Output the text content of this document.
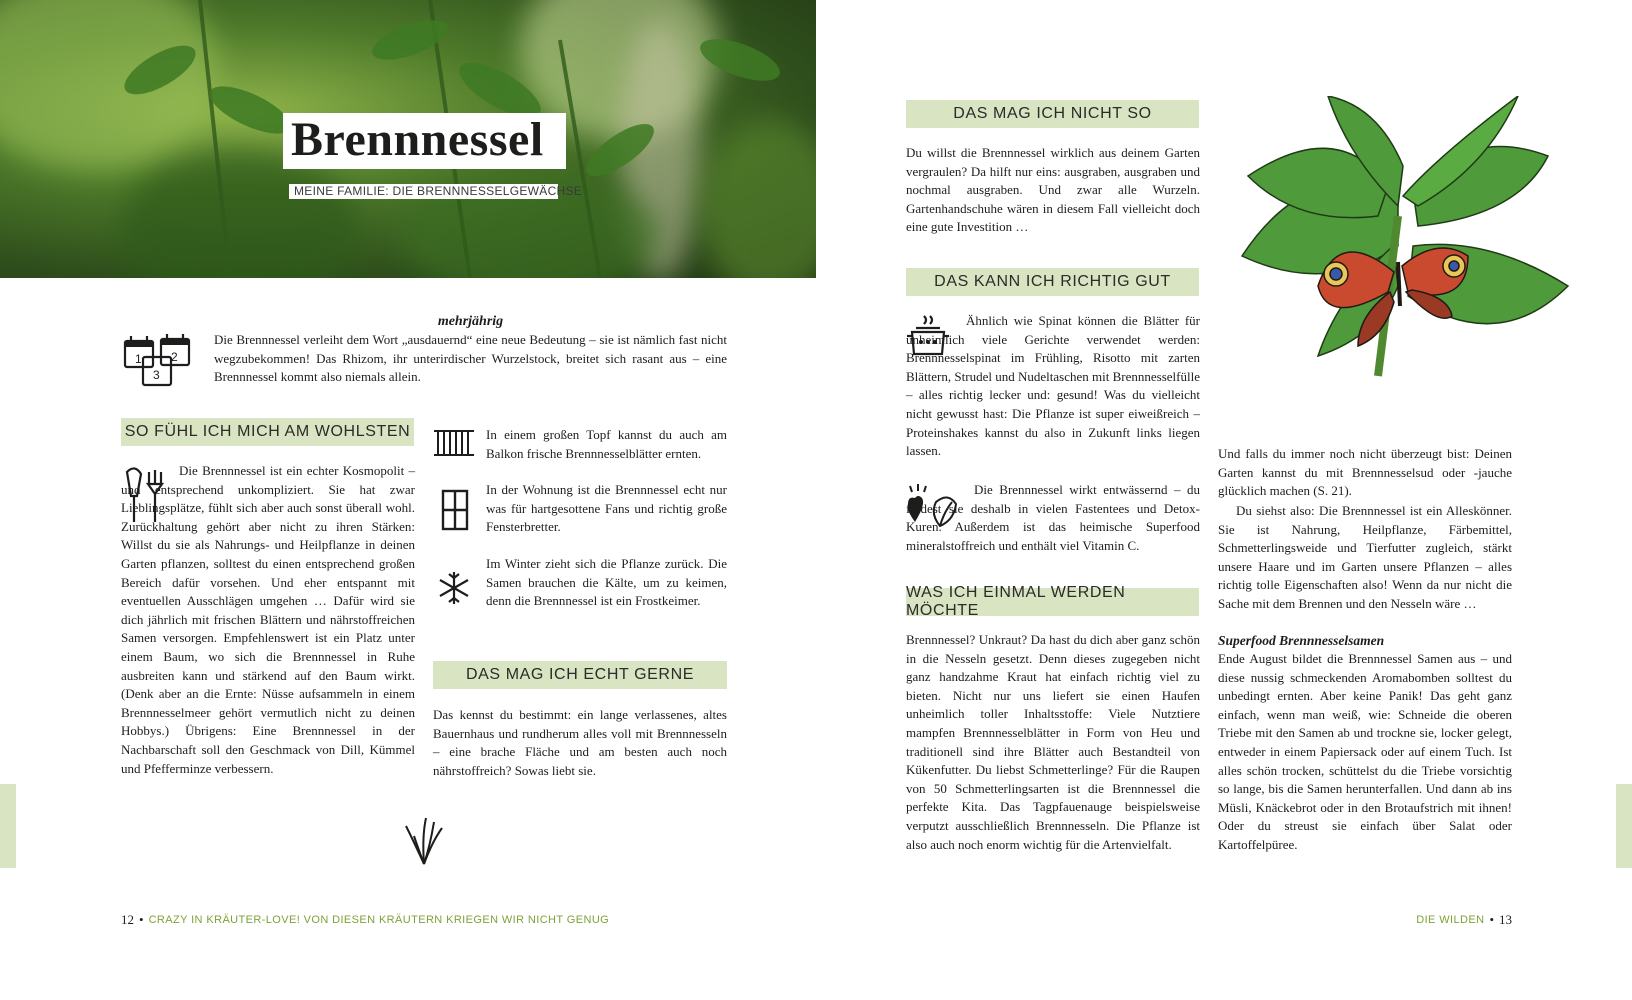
Brennnessel
MEINE FAMILIE: DIE BRENNNESSELGEWÄCHSE
1 2
3
mehrjährig

Die Brennnessel verleiht dem Wort „ausdauernd“ eine neue Bedeutung – sie ist nämlich fast nicht wegzubekommen! Das Rhizom, ihr unterirdischer Wurzelstock, breitet sich rasant aus – eine Brennnessel kommt also niemals allein.

SO FÜHL ICH MICH AM WOHLSTEN

Die Brennnessel ist ein echter Kosmopolit – und entsprechend unkompliziert. Sie hat zwar Lieblingsplätze, fühlt sich aber auch sonst überall wohl. Zurückhaltung gehört aber nicht zu ihren Stärken: Willst du sie als Nahrungs- und Heilpflanze in deinen Garten pflanzen, solltest du einen entsprechend großen Bereich dafür vorsehen. Und eher entspannt mit eventuellen Ausschlägen umgehen … Dafür wird sie dich jährlich mit frischen Blättern und nährstoffreichen Samen versorgen. Empfehlenswert ist ein Platz unter einem Baum, wo sich die Brennnessel in Ruhe ausbreiten kann und stärkend auf den Baum wirkt. (Denk aber an die Ernte: Nüsse aufsammeln in einem Brennnesselmeer gehört vermutlich nicht zu deinen Hobbys.) Übrigens: Eine Brennnessel in der Nachbarschaft soll den Geschmack von Dill, Kümmel und Pfefferminze verbessern.

In einem großen Topf kannst du auch am Balkon frische Brennnesselblätter ernten.

In der Wohnung ist die Brennnessel echt nur was für hartgesottene Fans und richtig große Fensterbretter.

Im Winter zieht sich die Pflanze zurück. Die Samen brauchen die Kälte, um zu keimen, denn die Brennnessel ist ein Frostkeimer.

DAS MAG ICH ECHT GERNE

Das kennst du bestimmt: ein lange verlassenes, altes Bauernhaus und rundherum alles voll mit Brennnesseln – eine brache Fläche und am besten auch noch nährstoffreich? Sowas liebt sie.

12 • CRAZY IN KRÄUTER-LOVE! VON DIESEN KRÄUTERN KRIEGEN WIR NICHT GENUG
DAS MAG ICH NICHT SO

Du willst die Brennnessel wirklich aus deinem Garten vergraulen? Da hilft nur eins: ausgraben, ausgraben und nochmal ausgraben. Und zwar alle Wurzeln. Gartenhandschuhe wären in diesem Fall vielleicht doch eine gute Investition …

DAS KANN ICH RICHTIG GUT

Ähnlich wie Spinat können die Blätter für unheimlich viele Gerichte verwendet werden: Brennnesselspinat im Frühling, Risotto mit zarten Blättern, Strudel und Nudeltaschen mit Brennnesselfülle – alles richtig lecker und: gesund! Was du vielleicht nicht gewusst hast: Die Pflanze ist super eiweißreich – Proteinshakes kannst du also in Zukunft links liegen lassen.

Die Brennnessel wirkt entwässernd – du findest sie deshalb in vielen Fastentees und Detox-Kuren. Außerdem ist das heimische Superfood mineralstoffreich und enthält viel Vitamin C.

WAS ICH EINMAL WERDEN MÖCHTE

Brennnessel? Unkraut? Da hast du dich aber ganz schön in die Nesseln gesetzt. Denn dieses zugegeben nicht ganz handzahme Kraut hat einfach richtig viel zu bieten. Nicht nur uns liefert sie einen Haufen unheimlich toller Inhaltsstoffe: Viele Nutztiere mampfen Brennnesselblätter in Form von Heu und traditionell sind ihre Blätter auch Bestandteil von Kükenfutter. Du liebst Schmetterlinge? Für die Raupen von 50 Schmetterlingsarten ist die Brennnessel die perfekte Kita. Das Tagpfauenauge beispielsweise verputzt ausschließlich Brennnesseln. Die Pflanze ist also auch noch enorm wichtig für die Artenvielfalt.

Und falls du immer noch nicht überzeugt bist: Deinen Garten kannst du mit Brennnesselsud oder -jauche glücklich machen (S. 21).

Du siehst also: Die Brennnessel ist ein Alleskönner. Sie ist Nahrung, Heilpflanze, Färbemittel, Schmetterlingsweide und Tierfutter zugleich, stärkt unsere Haare und im Garten unsere Pflanzen – alles richtig tolle Eigenschaften also! Wenn da nur nicht die Sache mit dem Brennen und den Nesseln wäre …

Superfood Brennnesselsamen

Ende August bildet die Brennnessel Samen aus – und diese nussig schmeckenden Aromabomben solltest du unbedingt ernten. Aber keine Panik! Das geht ganz einfach, wenn man weiß, wie: Schneide die oberen Triebe mit den Samen ab und trockne sie, locker gelegt, entweder in einem Papiersack oder auf einem Tuch. Ist alles schön trocken, schüttelst du die Triebe vorsichtig so lange, bis die Samen herunterfallen. Und dann ab ins Müsli, Knäckebrot oder in den Brotaufstrich mit ihnen! Oder du streust sie einfach über Salat oder Kartoffelpüree.

DIE WILDEN • 13
